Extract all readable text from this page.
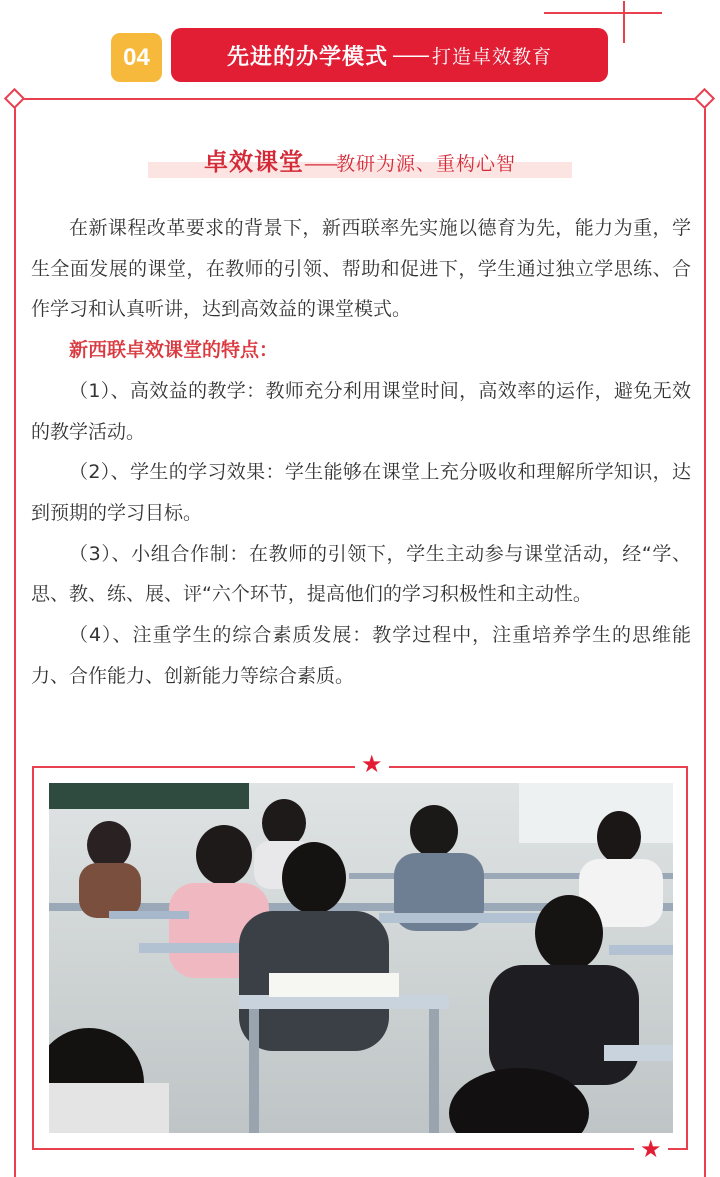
04	先进的办学模式 —— 打造卓效教育
卓效课堂——教研为源、重构心智

在新课程改革要求的背景下，新西联率先实施以德育为先，能力为重，学生全面发展的课堂，在教师的引领、帮助和促进下，学生通过独立学思练、合作学习和认真听讲，达到高效益的课堂模式。

新西联卓效课堂的特点：

（1）、高效益的教学：教师充分利用课堂时间，高效率的运作，避免无效的教学活动。

（2）、学生的学习效果：学生能够在课堂上充分吸收和理解所学知识，达到预期的学习目标。

（3）、小组合作制：在教师的引领下，学生主动参与课堂活动，经“学、思、教、练、展、评“六个环节，提高他们的学习积极性和主动性。

（4）、注重学生的综合素质发展：教学过程中，注重培养学生的思维能力、合作能力、创新能力等综合素质。

★
★
